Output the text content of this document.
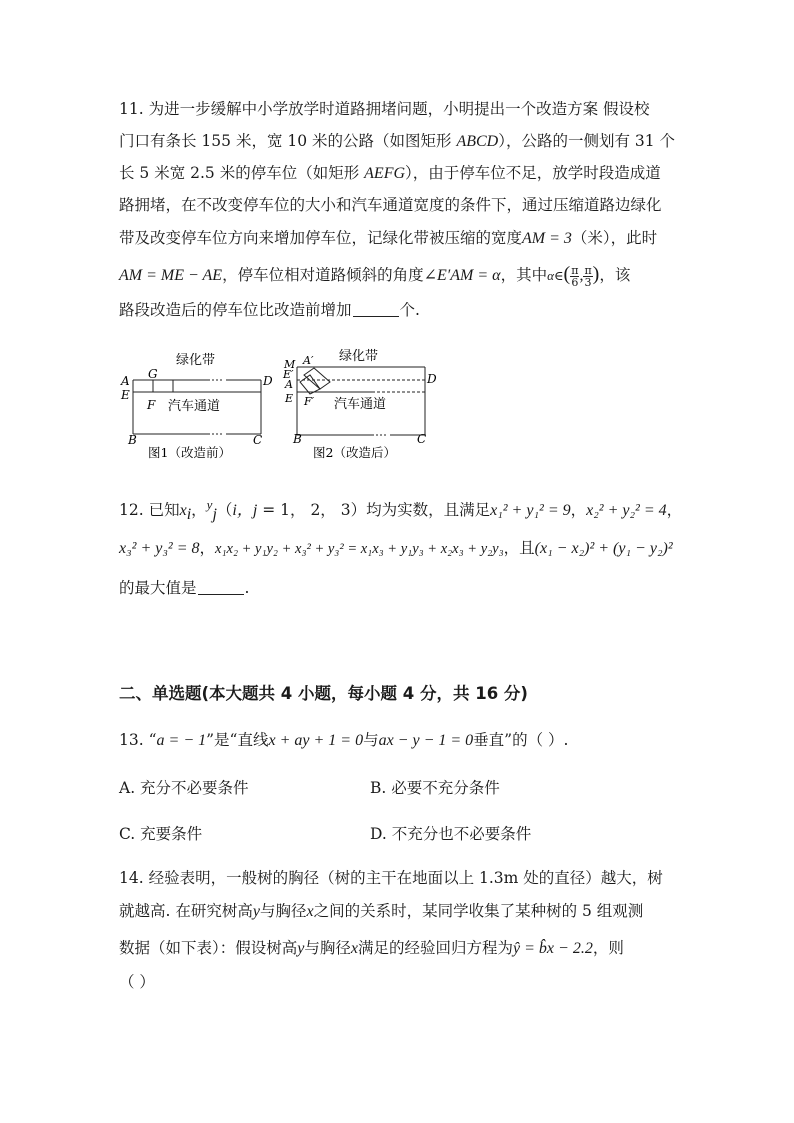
11. 为进一步缓解中小学放学时道路拥堵问题，小明提出一个改造方案 假设校
门口有条长 155 米，宽 10 米的公路（如图矩形 ABCD），公路的一侧划有 31 个
长 5 米宽 2.5 米的停车位（如矩形 AEFG），由于停车位不足，放学时段造成道
路拥堵，在不改变停车位的大小和汽车通道宽度的条件下，通过压缩道路边绿化
带及改变停车位方向来增加停车位，记绿化带被压缩的宽度AM = 3（米），此时
AM = ME − AE，停车位相对道路倾斜的角度∠E′AM = α，其中α∈( $\frac{\pi}{6}$ , $\frac{\pi}{3}$ )，该
路段改造后的停车位比改造前增加	个.
绿化带
A G	D
E
F 汽车通道
B	C
图1（改造前）
绿化带
M A′
E′
A	D
E F′ 汽车通道
B	C
图2（改造后）
12. 已知$x_i$，$^y_j$（i，j = 1， 2， 3）均为实数，且满足x₁² + y₁² = 9，x₂² + y₂² = 4，
x₃² + y₃² = 8，x₁x₂ + y₁y₂ + x₃² + y₃² = x₁x₃ + y₁y₃ + x₂x₃ + y₂y₃，且(x₁ − x₂)² + (y₁ − y₂)²
的最大值是	.
二、单选题(本大题共 4 小题，每小题 4 分，共 16 分)
13. “a = − 1”是“直线x + ay + 1 = 0与ax − y − 1 = 0垂直”的（ ）.
A. 充分不必要条件	B. 必要不充分条件
C. 充要条件	D. 不充分也不必要条件
14. 经验表明，一般树的胸径（树的主干在地面以上 1.3m 处的直径）越大，树
就越高. 在研究树高y与胸径x之间的关系时，某同学收集了某种树的 5 组观测
数据（如下表）：假设树高y与胸径x满足的经验回归方程为ŷ = b̂x − 2.2，则
（ ）
